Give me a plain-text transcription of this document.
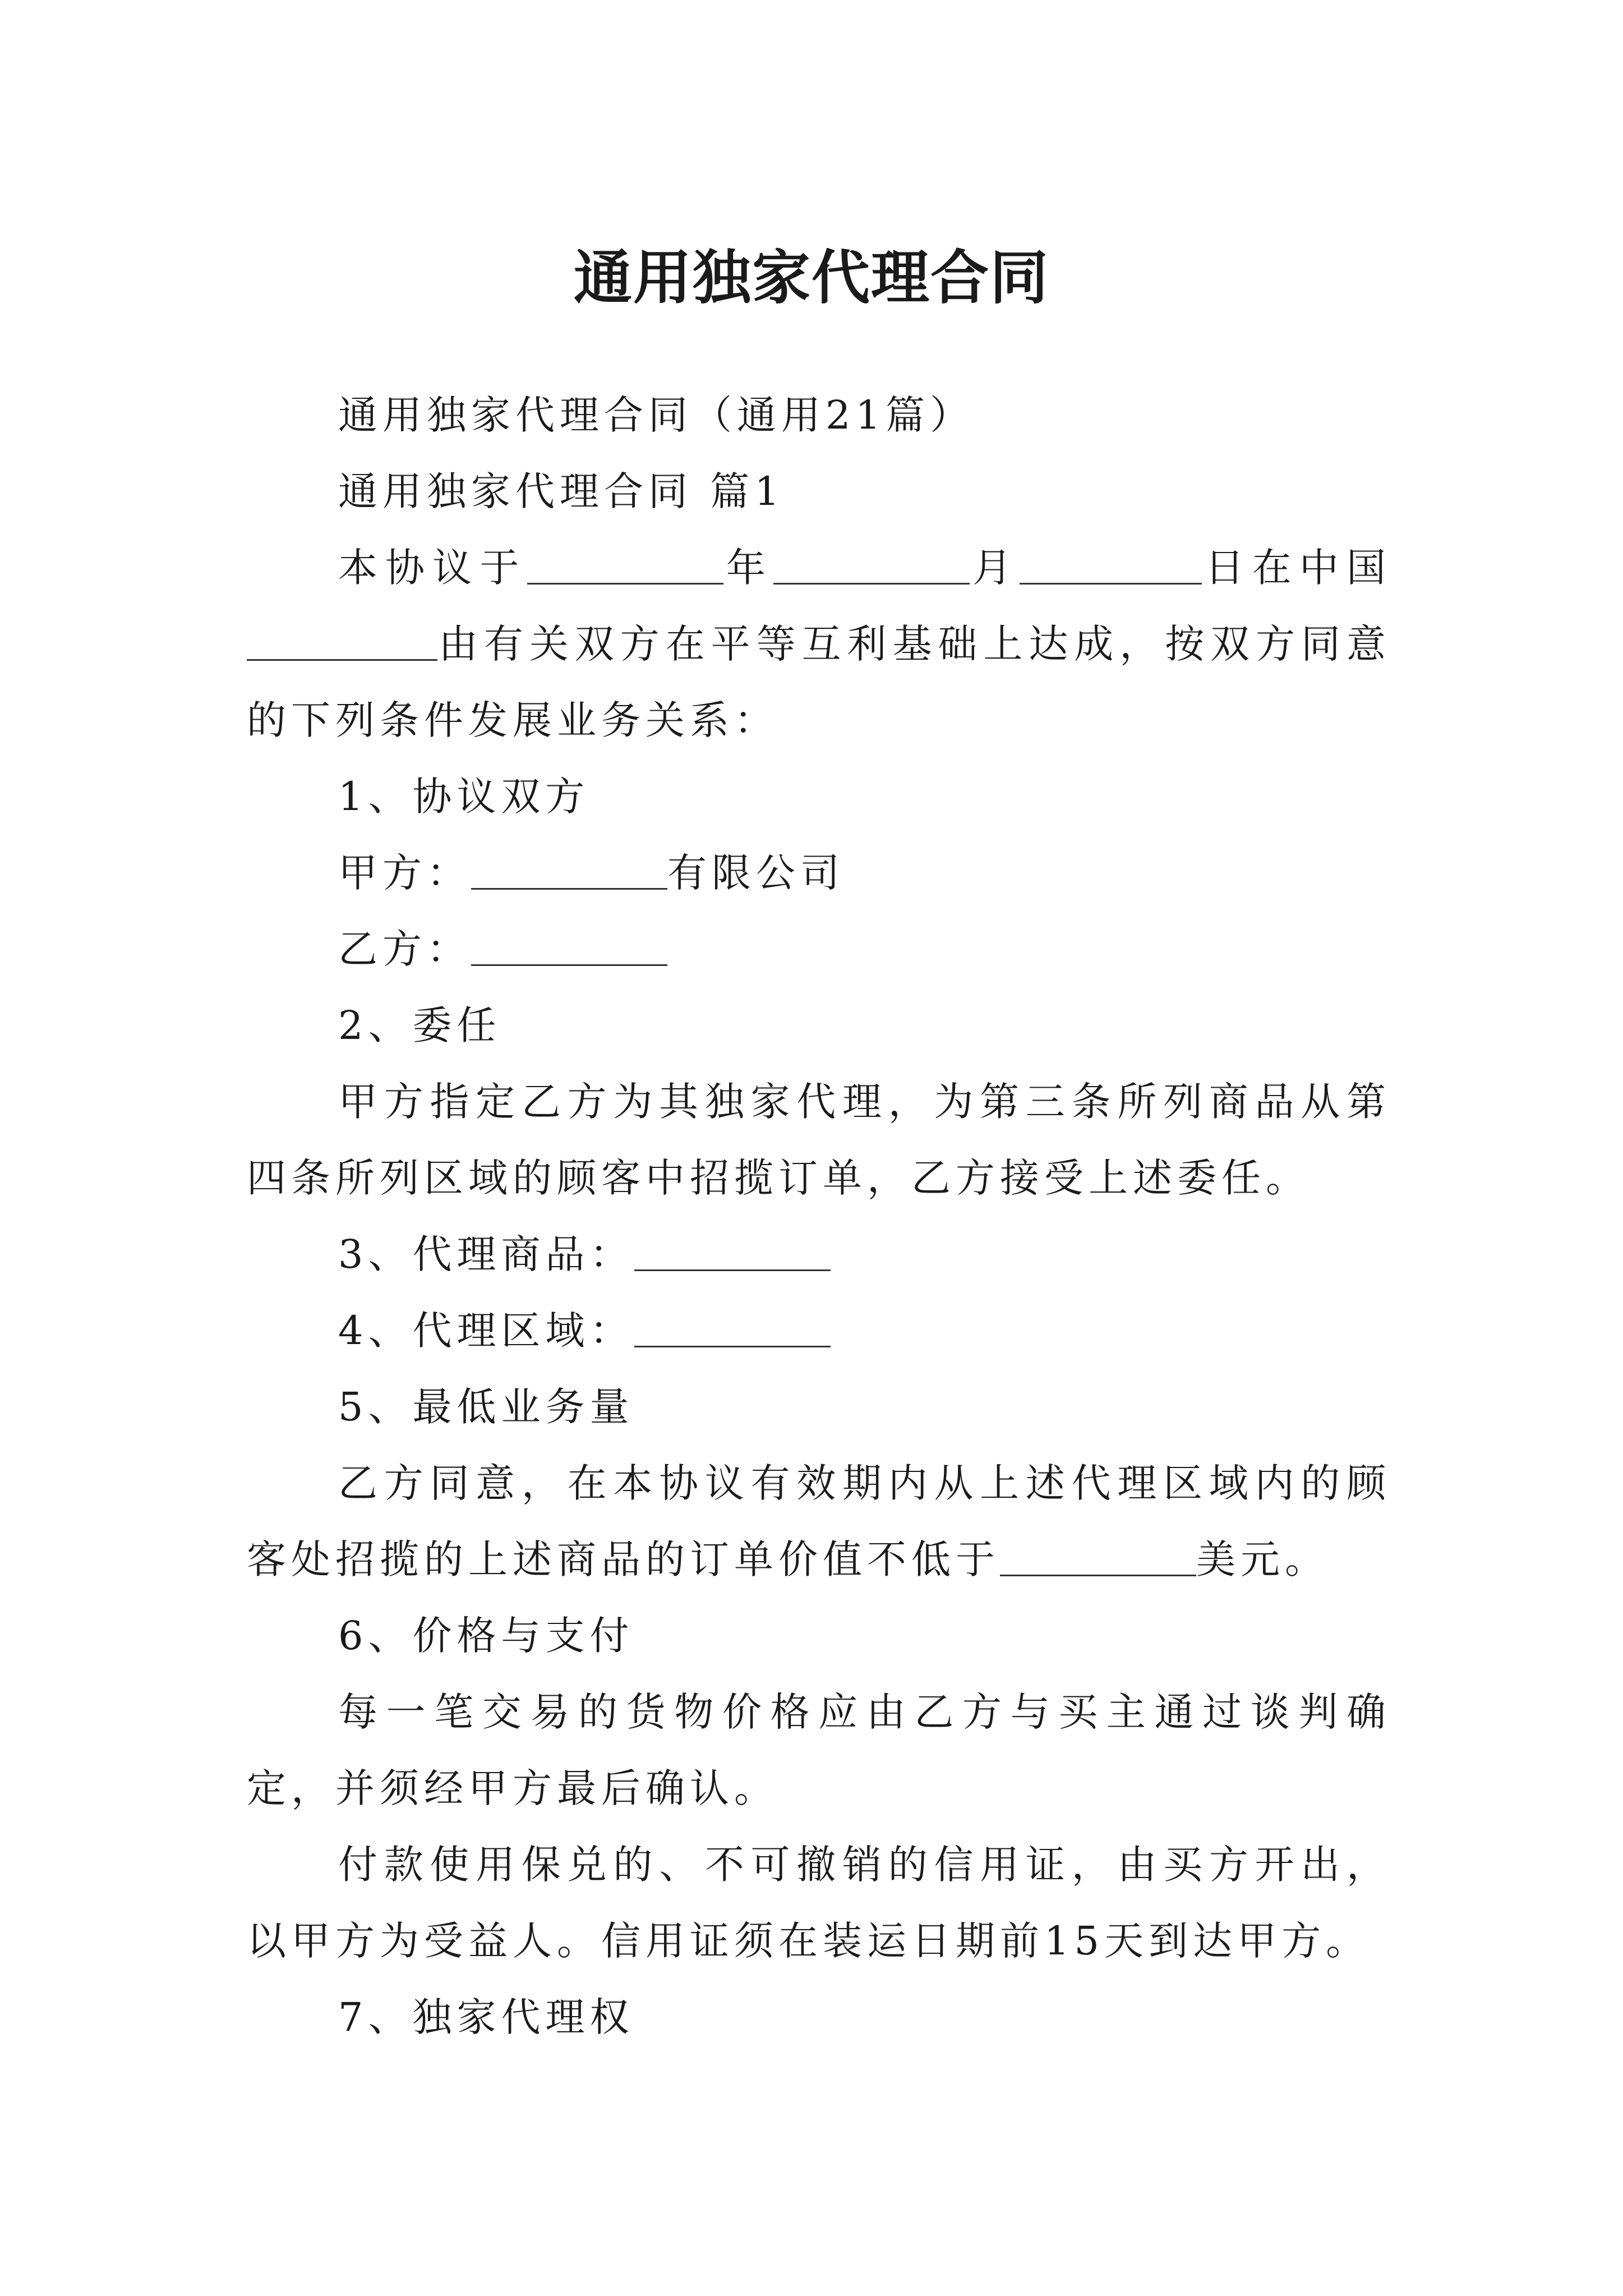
通用独家代理合同

通用独家代理合同（通用21篇）

通用独家代理合同 篇1

本协议于	年	月	日在中国由有关双方在平等互利基础上达成，按双方同意的下列条件发展业务关系：

1、协议双方

甲方：	有限公司

乙方：

2、委任

甲方指定乙方为其独家代理，为第三条所列商品从第四条所列区域的顾客中招揽订单，乙方接受上述委任。

3、代理商品：

4、代理区域：

5、最低业务量

乙方同意，在本协议有效期内从上述代理区域内的顾客处招揽的上述商品的订单价值不低于	美元。

6、价格与支付

每一笔交易的货物价格应由乙方与买主通过谈判确定，并须经甲方最后确认。

付款使用保兑的、不可撤销的信用证，由买方开出，以甲方为受益人。信用证须在装运日期前15天到达甲方。

7、独家代理权
